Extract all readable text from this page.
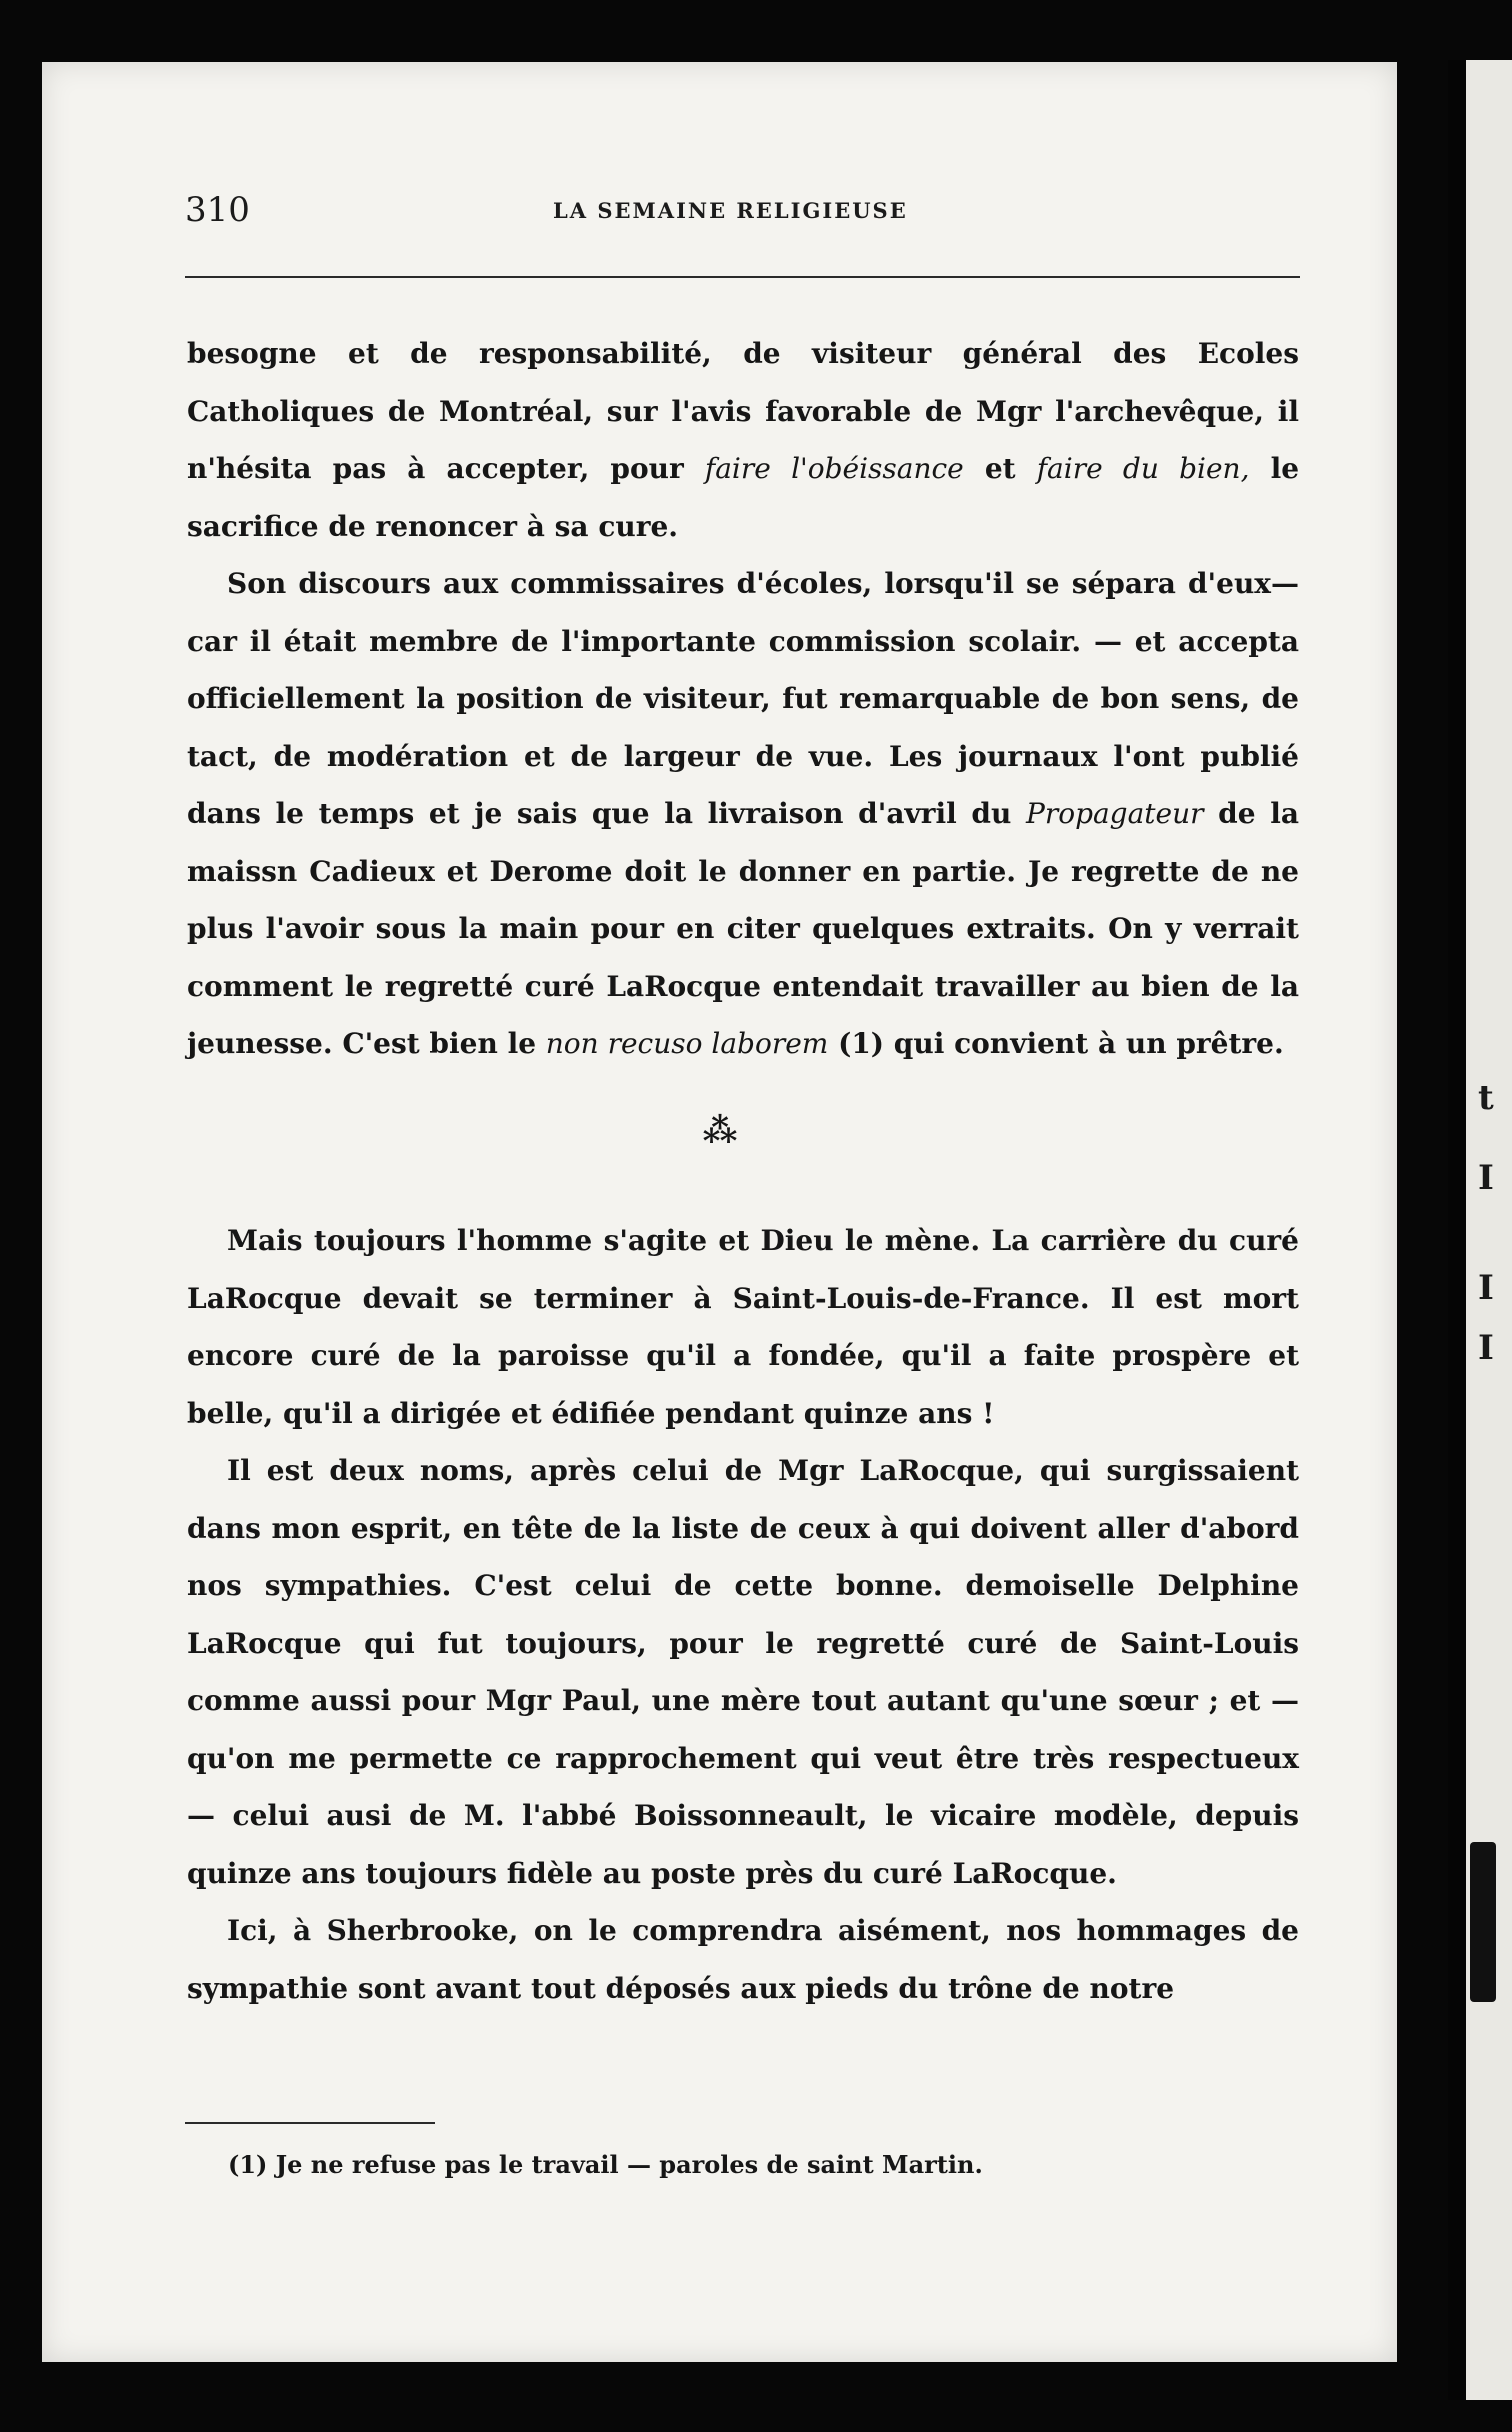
t
I
I
I
310	LA SEMAINE RELIGIEUSE

besogne et de responsabilité, de visiteur général des Ecoles Catholiques de Montréal, sur l'avis favorable de Mgr l'archevêque, il n'hésita pas à accepter, pour faire l'obéissance et faire du bien, le sacrifice de renoncer à sa cure.

Son discours aux commissaires d'écoles, lorsqu'il se sépara d'eux—car il était membre de l'importante commission scolair. — et accepta officiellement la position de visiteur, fut remarquable de bon sens, de tact, de modération et de largeur de vue. Les journaux l'ont publié dans le temps et je sais que la livraison d'avril du Propagateur de la maissn Cadieux et Derome doit le donner en partie. Je regrette de ne plus l'avoir sous la main pour en citer quelques extraits. On y verrait comment le regretté curé LaRocque entendait travailler au bien de la jeunesse. C'est bien le non recuso laborem (1) qui convient à un prêtre.

⁂

Mais toujours l'homme s'agite et Dieu le mène. La carrière du curé LaRocque devait se terminer à Saint-Louis-de-France. Il est mort encore curé de la paroisse qu'il a fondée, qu'il a faite prospère et belle, qu'il a dirigée et édifiée pendant quinze ans !

Il est deux noms, après celui de Mgr LaRocque, qui surgissaient dans mon esprit, en tête de la liste de ceux à qui doivent aller d'abord nos sympathies. C'est celui de cette bonne. demoiselle Delphine LaRocque qui fut toujours, pour le regretté curé de Saint-Louis comme aussi pour Mgr Paul, une mère tout autant qu'une sœur ; et — qu'on me permette ce rapprochement qui veut être très respectueux — celui ausi de M. l'abbé Boissonneault, le vicaire modèle, depuis quinze ans toujours fidèle au poste près du curé LaRocque.

Ici, à Sherbrooke, on le comprendra aisément, nos hommages de sympathie sont avant tout déposés aux pieds du trône de notre

(1) Je ne refuse pas le travail — paroles de saint Martin.
